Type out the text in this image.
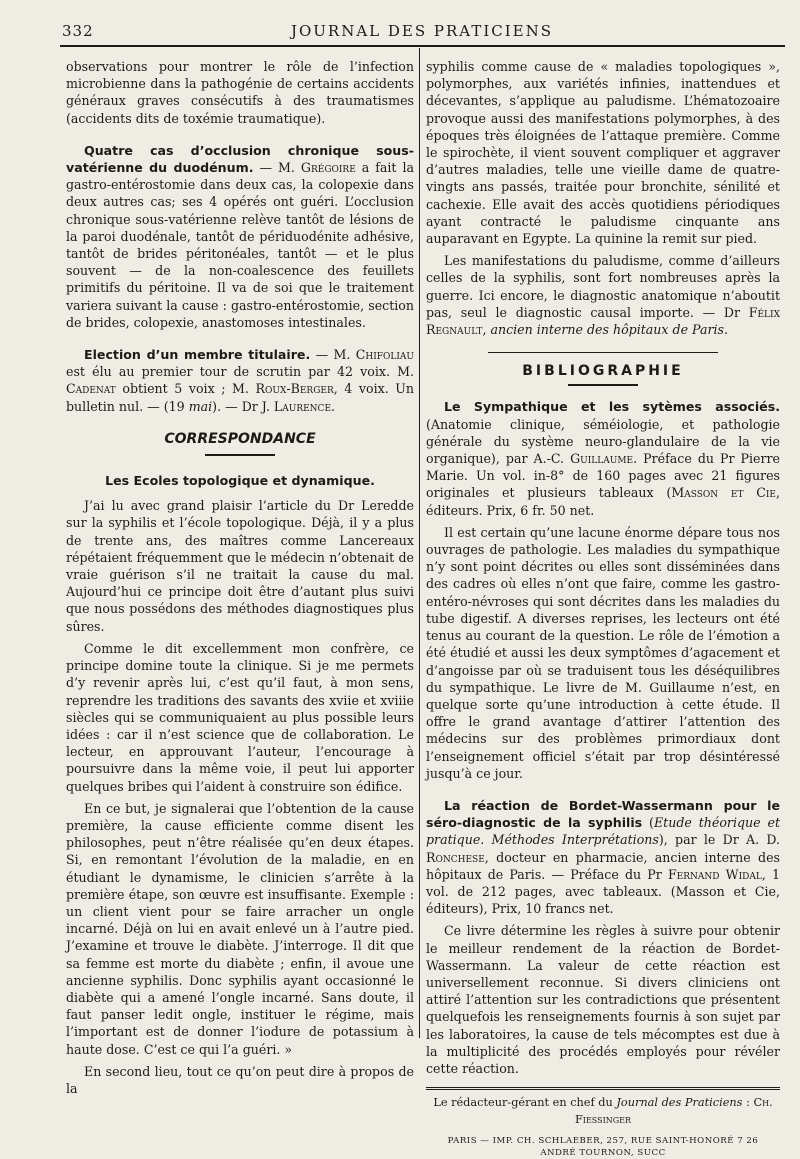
332	JOURNAL DES PRATICIENS

observations pour montrer le rôle de l’infection microbienne dans la pathogénie de certains accidents généraux graves consécutifs à des traumatismes (accidents dits de toxémie traumatique).

Quatre cas d’occlusion chronique sous-vatérienne du duodénum. — M. Grégoire a fait la gastro-entérostomie dans deux cas, la colopexie dans deux autres cas; ses 4 opérés ont guéri. L’occlusion chronique sous-vatérienne relève tantôt de lésions de la paroi duodénale, tantôt de périduodénite adhésive, tantôt de brides péritonéales, tantôt — et le plus souvent — de la non-coalescence des feuillets primitifs du péritoine. Il va de soi que le traitement variera suivant la cause : gastro-entérostomie, section de brides, colopexie, anastomoses intestinales.

Election d’un membre titulaire. — M. Chifoliau est élu au premier tour de scrutin par 42 voix. M. Cadenat obtient 5 voix ; M. Roux-Berger, 4 voix. Un bulletin nul. — (19 mai). — Dr J. Laurence.

CORRESPONDANCE
Les Ecoles topologique et dynamique.

J’ai lu avec grand plaisir l’article du Dr Leredde sur la syphilis et l’école topologique. Déjà, il y a plus de trente ans, des maîtres comme Lancereaux répétaient fréquemment que le médecin n’obtenait de vraie guérison s’il ne traitait la cause du mal. Aujourd’hui ce principe doit être d’autant plus suivi que nous possédons des méthodes diagnostiques plus sûres.

Comme le dit excellemment mon confrère, ce principe domine toute la clinique. Si je me permets d’y revenir après lui, c’est qu’il faut, à mon sens, reprendre les traditions des savants des xviie et xviiie siècles qui se communiquaient au plus possible leurs idées : car il n’est science que de collaboration. Le lecteur, en approuvant l’auteur, l’encourage à poursuivre dans la même voie, il peut lui apporter quelques bribes qui l’aident à construire son édifice.

En ce but, je signalerai que l’obtention de la cause première, la cause efficiente comme disent les philosophes, peut n’être réalisée qu’en deux étapes. Si, en remontant l’évolution de la maladie, en en étudiant le dynamisme, le clinicien s’arrête à la première étape, son œuvre est insuffisante. Exemple : un client vient pour se faire arracher un ongle incarné. Déjà on lui en avait enlevé un à l’autre pied. J’examine et trouve le diabète. J’interroge. Il dit que sa femme est morte du diabète ; enfin, il avoue une ancienne syphilis. Donc syphilis ayant occasionné le diabète qui a amené l’ongle incarné. Sans doute, il faut panser ledit ongle, instituer le régime, mais l’important est de donner l’iodure de potassium à haute dose. C’est ce qui l’a guéri. »

En second lieu, tout ce qu’on peut dire à propos de la

syphilis comme cause de « maladies topologiques », polymorphes, aux variétés infinies, inattendues et décevantes, s’applique au paludisme. L’hématozoaire provoque aussi des manifestations polymorphes, à des époques très éloignées de l’attaque première. Comme le spirochète, il vient souvent compliquer et aggraver d’autres maladies, telle une vieille dame de quatre-vingts ans passés, traitée pour bronchite, sénilité et cachexie. Elle avait des accès quotidiens périodiques ayant contracté le paludisme cinquante ans auparavant en Egypte. La quinine la remit sur pied.

Les manifestations du paludisme, comme d’ailleurs celles de la syphilis, sont fort nombreuses après la guerre. Ici encore, le diagnostic anatomique n’aboutit pas, seul le diagnostic causal importe. — Dr Félix Regnault, ancien interne des hôpitaux de Paris.

BIBLIOGRAPHIE

Le Sympathique et les sytèmes associés. (Anatomie clinique, séméiologie, et pathologie générale du système neuro-glandulaire de la vie organique), par A.-C. Guillaume. Préface du Pr Pierre Marie. Un vol. in-8° de 160 pages avec 21 figures originales et plusieurs tableaux (Masson et Cie, éditeurs. Prix, 6 fr. 50 net.

Il est certain qu’une lacune énorme dépare tous nos ouvrages de pathologie. Les maladies du sympathique n’y sont point décrites ou elles sont disséminées dans des cadres où elles n’ont que faire, comme les gastro-entéro-névroses qui sont décrites dans les maladies du tube digestif. A diverses reprises, les lecteurs ont été tenus au courant de la question. Le rôle de l’émotion a été étudié et aussi les deux symptômes d’agacement et d’angoisse par où se traduisent tous les déséquilibres du sympathique. Le livre de M. Guillaume n’est, en quelque sorte qu’une introduction à cette étude. Il offre le grand avantage d’attirer l’attention des médecins sur des problèmes primordiaux dont l’enseignement officiel s’était par trop désintéressé jusqu’à ce jour.

La réaction de Bordet-Wassermann pour le séro-diagnostic de la syphilis (Etude théorique et pratique. Méthodes Interprétations), par le Dr A. D. Ronchese, docteur en pharmacie, ancien interne des hôpitaux de Paris. — Préface du Pr Fernand Widal, 1 vol. de 212 pages, avec tableaux. (Masson et Cie, éditeurs), Prix, 10 francs net.

Ce livre détermine les règles à suivre pour obtenir le meilleur rendement de la réaction de Bordet-Wassermann. La valeur de cette réaction est universellement reconnue. Si divers cliniciens ont attiré l’attention sur les contradictions que présentent quelquefois les renseignements fournis à son sujet par les laboratoires, la cause de tels mécomptes est due à la multiplicité des procédés employés pour révéler cette réaction.

Le rédacteur-gérant en chef du Journal des Praticiens : Ch. Fiessinger
PARIS — IMP. CH. SCHLAEBER, 257, RUE SAINT-HONORÉ 7 26
ANDRÉ TOURNON, SUCC
